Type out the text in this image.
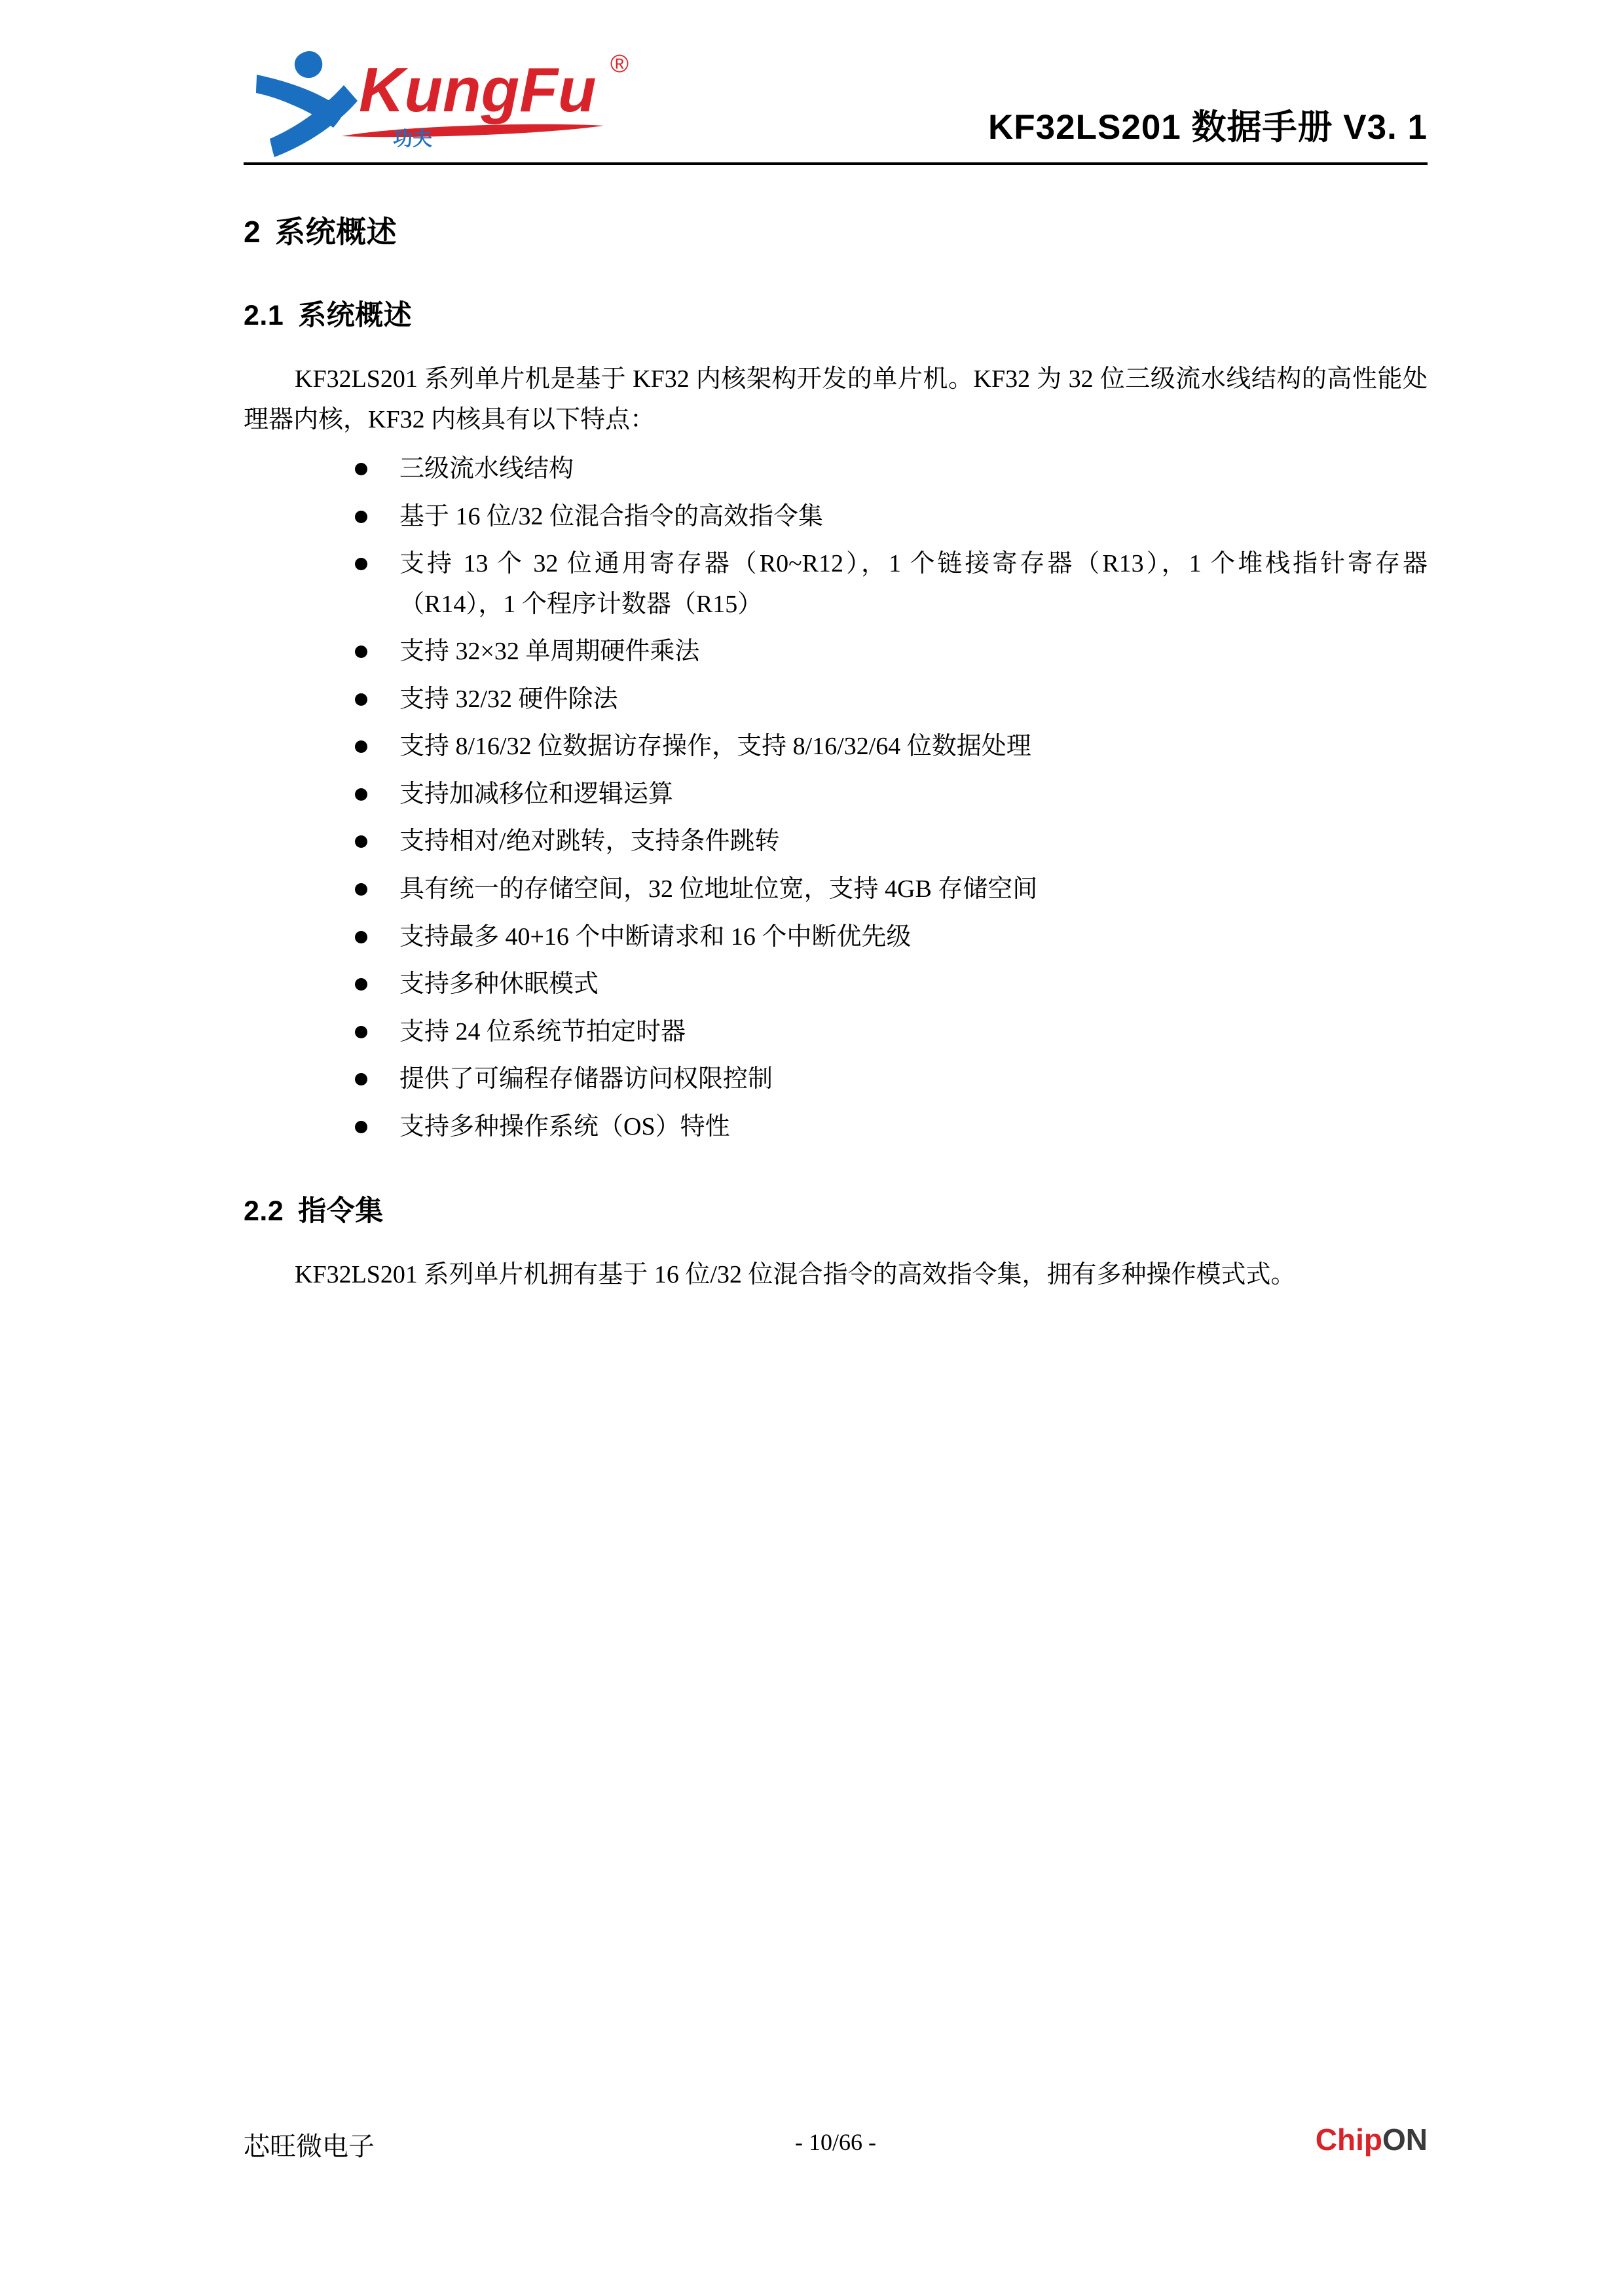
KungFu ®
功夫	KF32LS201 数据手册 V3. 1
2 系统概述
2.1 系统概述

KF32LS201 系列单片机是基于 KF32 内核架构开发的单片机。KF32 为 32 位三级流水线结构的高性能处理器内核，KF32 内核具有以下特点：

三级流水线结构
基于 16 位/32 位混合指令的高效指令集
支持 13 个 32 位通用寄存器（R0~R12），1 个链接寄存器（R13），1 个堆栈指针寄存器（R14），1 个程序计数器（R15）
支持 32×32 单周期硬件乘法
支持 32/32 硬件除法
支持 8/16/32 位数据访存操作，支持 8/16/32/64 位数据处理
支持加减移位和逻辑运算
支持相对/绝对跳转，支持条件跳转
具有统一的存储空间，32 位地址位宽，支持 4GB 存储空间
支持最多 40+16 个中断请求和 16 个中断优先级
支持多种休眠模式
支持 24 位系统节拍定时器
提供了可编程存储器访问权限控制
支持多种操作系统（OS）特性
2.2 指令集

KF32LS201 系列单片机拥有基于 16 位/32 位混合指令的高效指令集，拥有多种操作模式式。

芯旺微电子	- 10/66 -	ChipON
